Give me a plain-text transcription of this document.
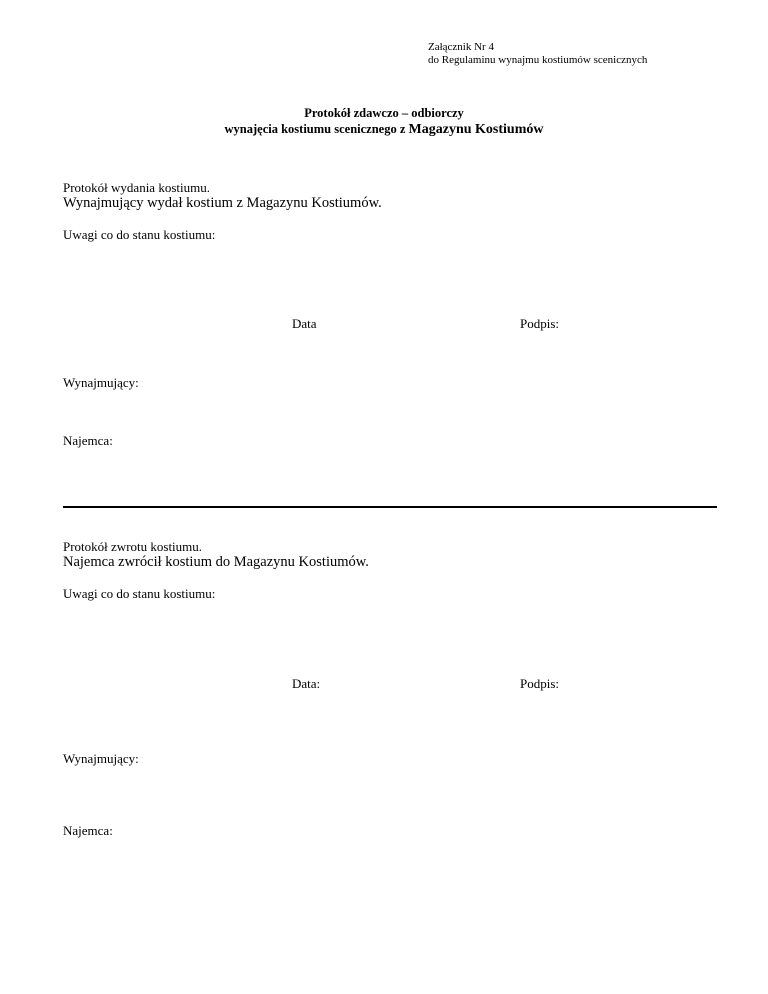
Załącznik Nr 4
do Regulaminu wynajmu kostiumów scenicznych
Protokół zdawczo – odbiorczy
wynajęcia kostiumu scenicznego z Magazynu Kostiumów
Protokół wydania kostiumu.
Wynajmujący wydał kostium z Magazynu Kostiumów.
Uwagi co do stanu kostiumu:
Data	Podpis:
Wynajmujący:
Najemca:
Protokół zwrotu kostiumu.
Najemca zwrócił kostium do Magazynu Kostiumów.
Uwagi co do stanu kostiumu:
Data:	Podpis:
Wynajmujący:
Najemca:
